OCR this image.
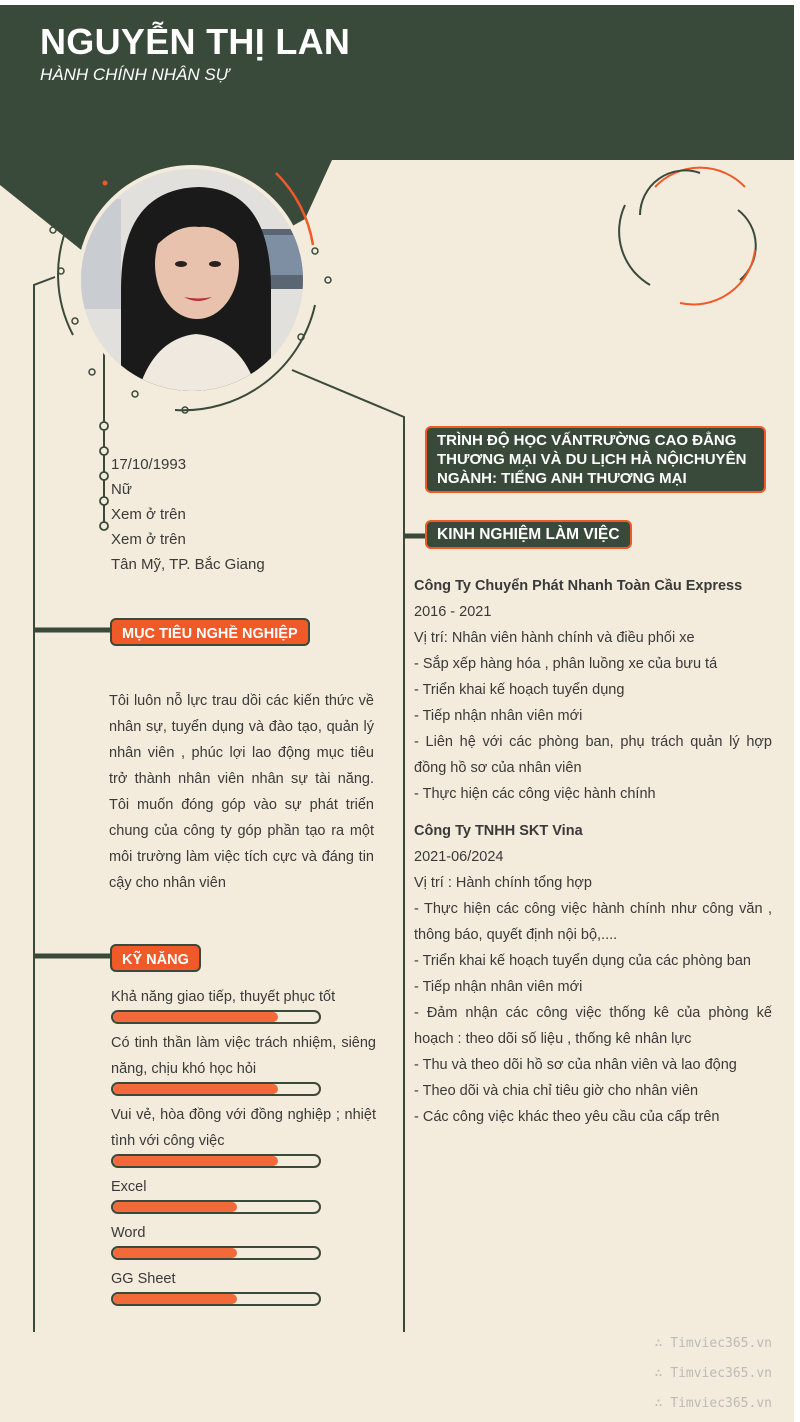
NGUYỄN THỊ LAN
HÀNH CHÍNH NHÂN SỰ
17/10/1993
Nữ
Xem ở trên
Xem ở trên
Tân Mỹ, TP. Bắc Giang
MỤC TIÊU NGHỀ NGHIỆP
Tôi luôn nỗ lực trau dồi các kiến thức về nhân sự, tuyển dụng và đào tạo, quản lý nhân viên , phúc lợi lao động mục tiêu trở thành nhân viên nhân sự tài năng. Tôi muốn đóng góp vào sự phát triển chung của công ty góp phần tạo ra một môi trường làm việc tích cực và đáng tin cậy cho nhân viên
KỸ NĂNG
Khả năng giao tiếp, thuyết phục tốt
Có tinh thần làm việc trách nhiệm, siêng năng, chịu khó học hỏi
Vui vẻ, hòa đồng với đồng nghiệp ; nhiệt tình với công việc
Excel
Word
GG Sheet
TRÌNH ĐỘ HỌC VẤNTRƯỜNG CAO ĐẲNG THƯƠNG MẠI VÀ DU LỊCH HÀ NỘICHUYÊN NGÀNH: TIẾNG ANH THƯƠNG MẠI
KINH NGHIỆM LÀM VIỆC
Công Ty Chuyển Phát Nhanh Toàn Cầu Express
2016 - 2021
Vị trí: Nhân viên hành chính và điều phối xe
- Sắp xếp hàng hóa , phân luồng xe của bưu tá
- Triển khai kế hoạch tuyển dụng
- Tiếp nhận nhân viên mới
- Liên hệ với các phòng ban, phụ trách quản lý hợp đồng hồ sơ của nhân viên
- Thực hiện các công việc hành chính
Công Ty TNHH SKT Vina
2021-06/2024
Vị trí : Hành chính tổng hợp
- Thực hiện các công việc hành chính như công văn , thông báo, quyết định nội bộ,....
- Triển khai kế hoạch tuyển dụng của các phòng ban
- Tiếp nhận nhân viên mới
- Đảm nhận các công việc thống kê của phòng kế hoạch : theo dõi số liệu , thống kê nhân lực
- Thu và theo dõi hồ sơ của nhân viên và lao động
- Theo dõi và chia chỉ tiêu giờ cho nhân viên
- Các công việc khác theo yêu cầu của cấp trên
∴ Timviec365.vn
∴ Timviec365.vn
∴ Timviec365.vn
